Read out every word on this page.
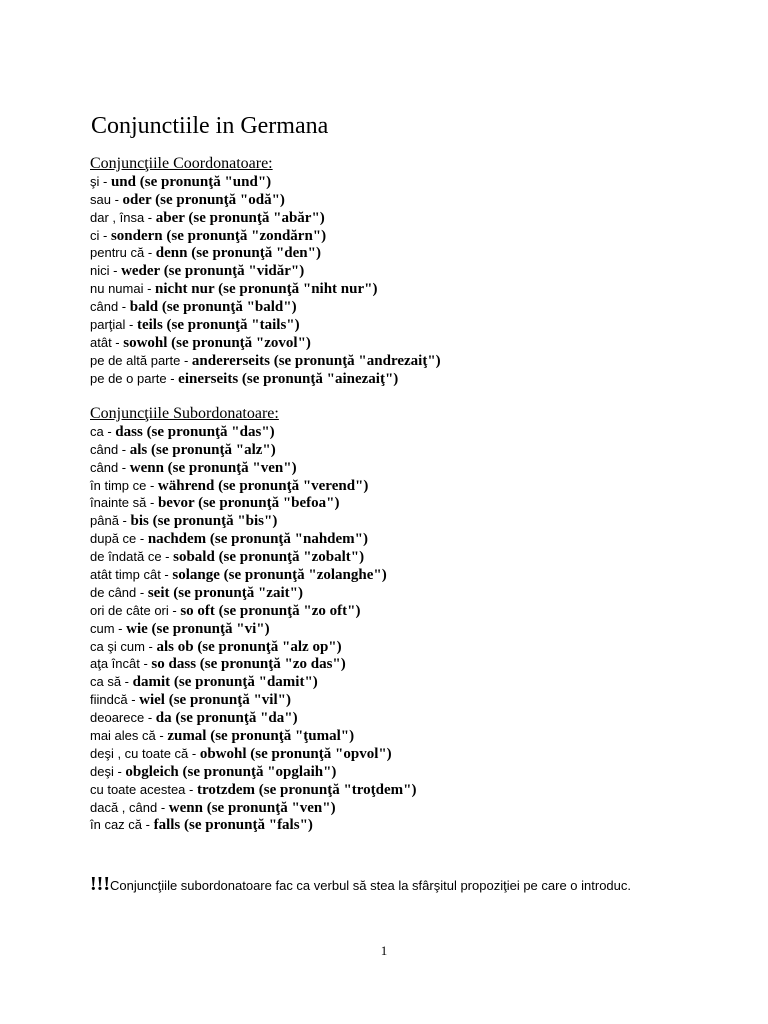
Conjunctiile in Germana
Conjuncţiile Coordonatoare:
şi - und (se pronunţă "und")
sau - oder (se pronunţă "odă")
dar , însa - aber (se pronunţă "abăr")
ci - sondern (se pronunţă "zondărn")
pentru că - denn (se pronunţă "den")
nici - weder (se pronunţă "vidăr")
nu numai - nicht nur (se pronunţă "niht nur")
când - bald (se pronunţă "bald")
parţial - teils (se pronunţă "tails")
atât - sowohl (se pronunţă "zovol")
pe de altă parte - andererseits (se pronunţă "andrezaiţ")
pe de o parte - einerseits (se pronunţă "ainezaiţ")
Conjuncţiile Subordonatoare:
ca - dass (se pronunţă "das")
când - als (se pronunţă "alz")
când - wenn (se pronunţă "ven")
în timp ce - während (se pronunţă "verend")
înainte să - bevor (se pronunţă "befoa")
până - bis (se pronunţă "bis")
după ce - nachdem (se pronunţă "nahdem")
de îndată ce - sobald (se pronunţă "zobalt")
atât timp cât - solange (se pronunţă "zolanghe")
de când - seit (se pronunţă "zait")
ori de câte ori - so oft (se pronunţă "zo oft")
cum - wie (se pronunţă "vi")
ca şi cum - als ob (se pronunţă "alz op")
aţa încât - so dass (se pronunţă "zo das")
ca să - damit (se pronunţă "damit")
fiindcă - wiel (se pronunţă "vil")
deoarece - da (se pronunţă "da")
mai ales că - zumal (se pronunţă "ţumal")
deşi , cu toate că - obwohl (se pronunţă "opvol")
deşi - obgleich (se pronunţă "opglaih")
cu toate acestea - trotzdem (se pronunţă "troţdem")
dacă , când - wenn (se pronunţă "ven")
în caz că - falls (se pronunţă "fals")
!!!Conjuncţiile subordonatoare fac ca verbul să stea la sfârşitul propoziţiei pe care o introduc.
1
